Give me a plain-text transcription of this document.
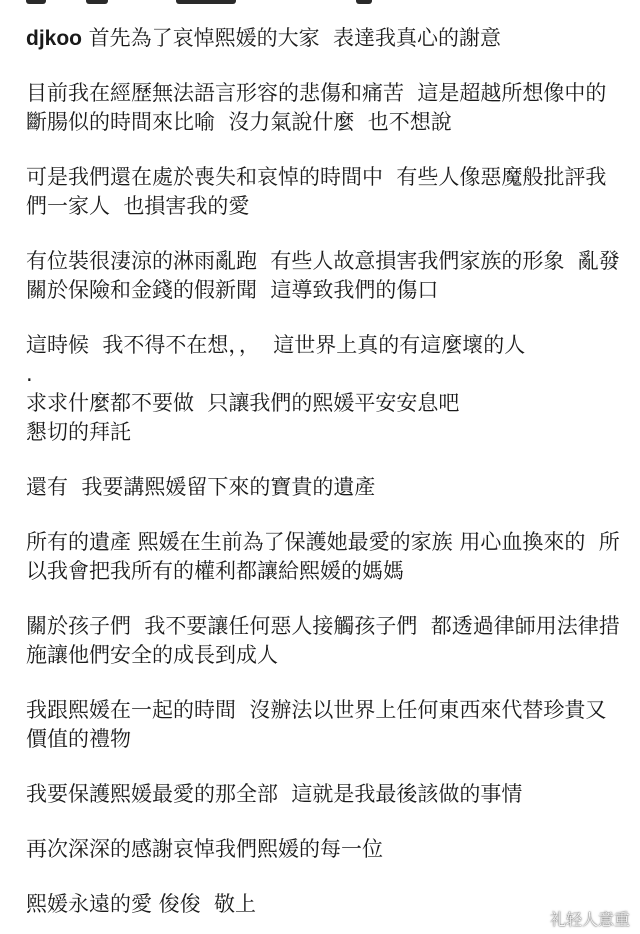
djkoo 首先為了哀悼熙媛的大家  表達我真心的謝意

目前我在經歷無法語言形容的悲傷和痛苦  這是超越所想像中的斷腸似的時間來比喻  沒力氣說什麼  也不想說

可是我們還在處於喪失和哀悼的時間中  有些人像惡魔般批評我們一家人  也損害我的愛

有位裝很淒涼的淋雨亂跑  有些人故意損害我們家族的形象  亂發關於保險和金錢的假新聞  這導致我們的傷口

這時候  我不得不在想，，  這世界上真的有這麼壞的人

.

求求什麼都不要做  只讓我們的熙媛平安安息吧
懇切的拜託

還有  我要講熙媛留下來的寶貴的遺產

所有的遺產 熙媛在生前為了保護她最愛的家族 用心血換來的  所以我會把我所有的權利都讓給熙媛的媽媽

關於孩子們  我不要讓任何惡人接觸孩子們  都透過律師用法律措施讓他們安全的成長到成人

我跟熙媛在一起的時間  沒辦法以世界上任何東西來代替珍貴又價值的禮物

我要保護熙媛最愛的那全部  這就是我最後該做的事情

再次深深的感謝哀悼我們熙媛的每一位

熙媛永遠的愛 俊俊  敬上

礼轻人意重
